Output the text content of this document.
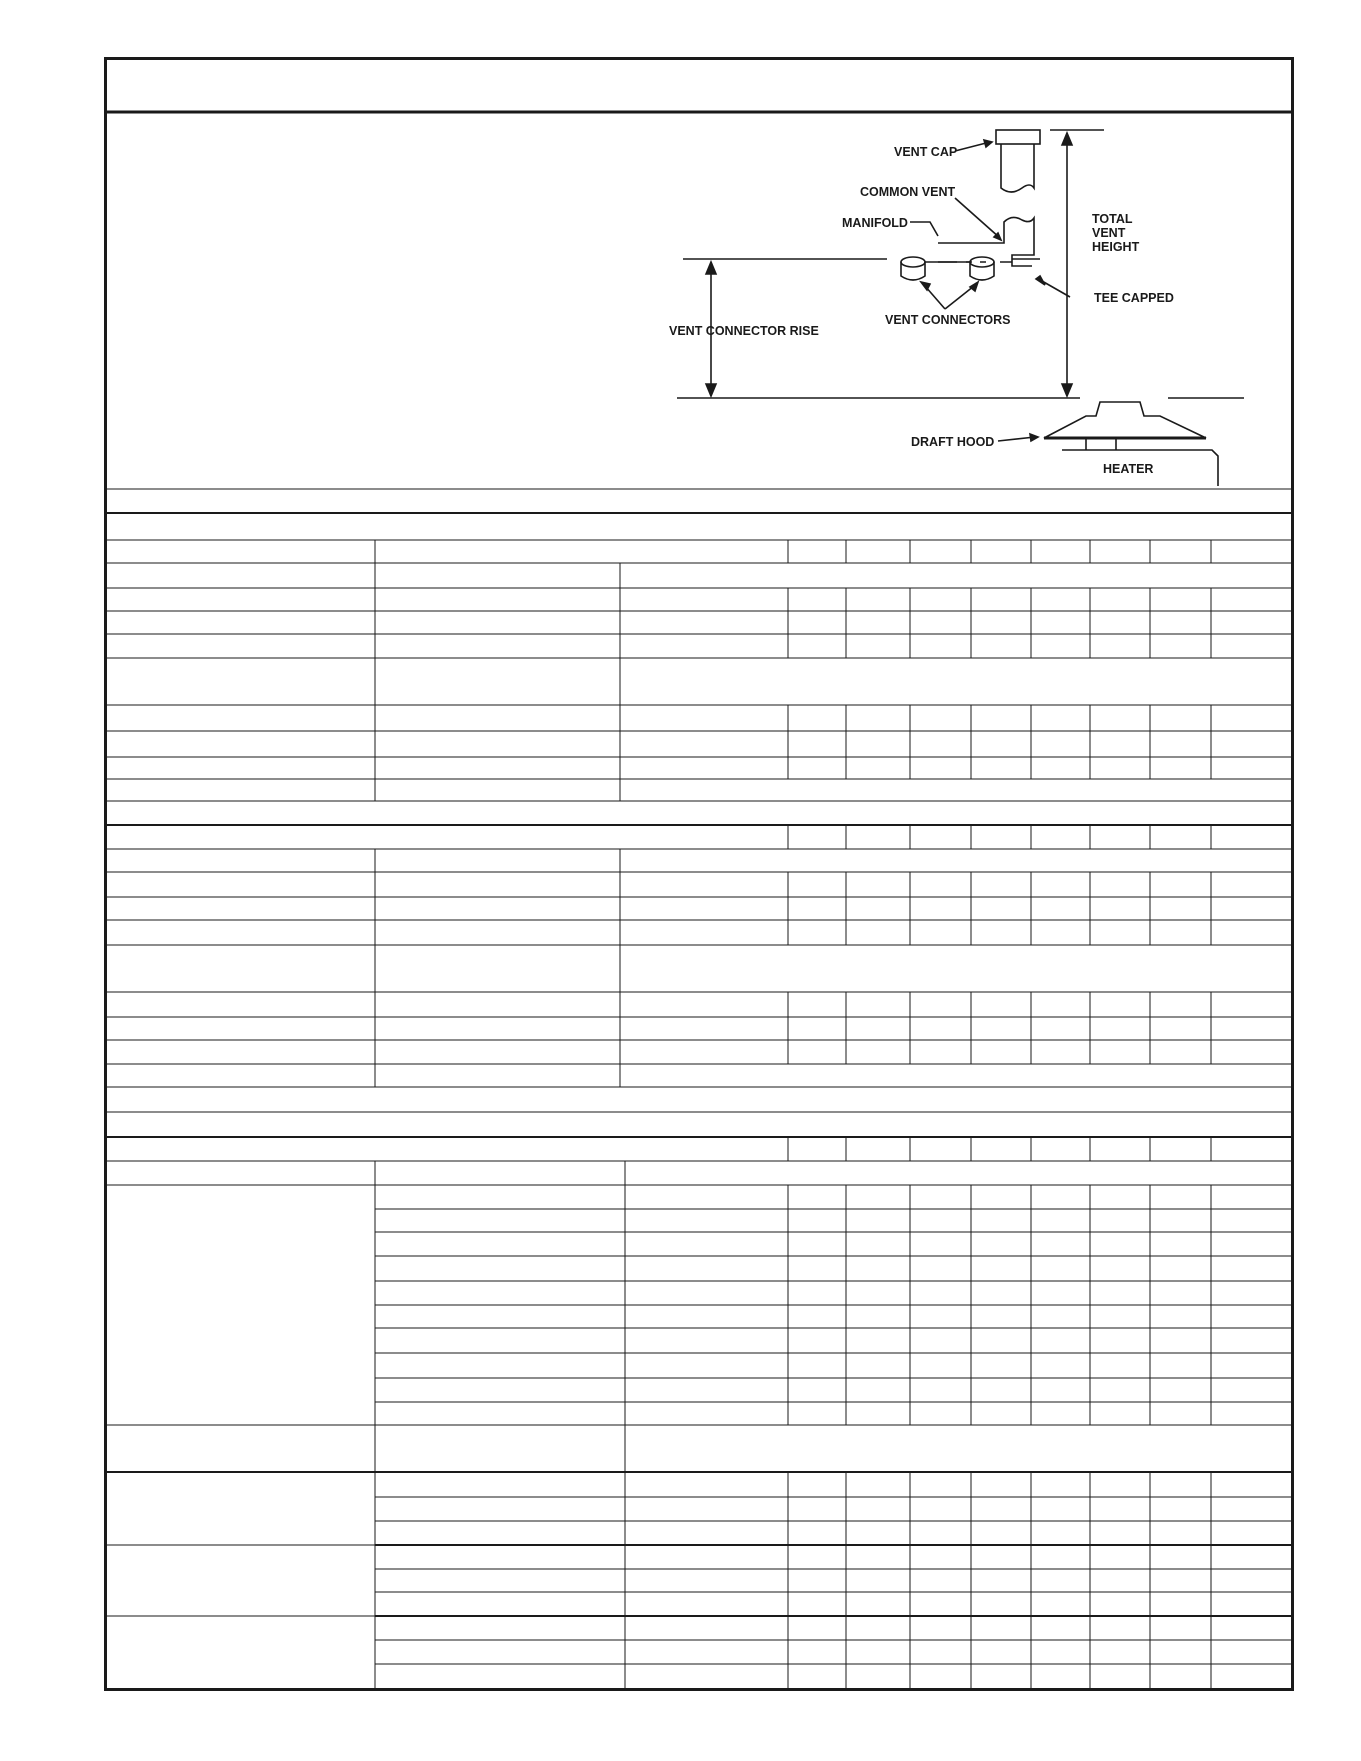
VENT CAP
COMMON VENT
MANIFOLD	TOTAL
VENT
HEIGHT
TEE CAPPED
VENT CONNECTOR RISE
VENT CONNECTORS
DRAFT HOOD
HEATER
